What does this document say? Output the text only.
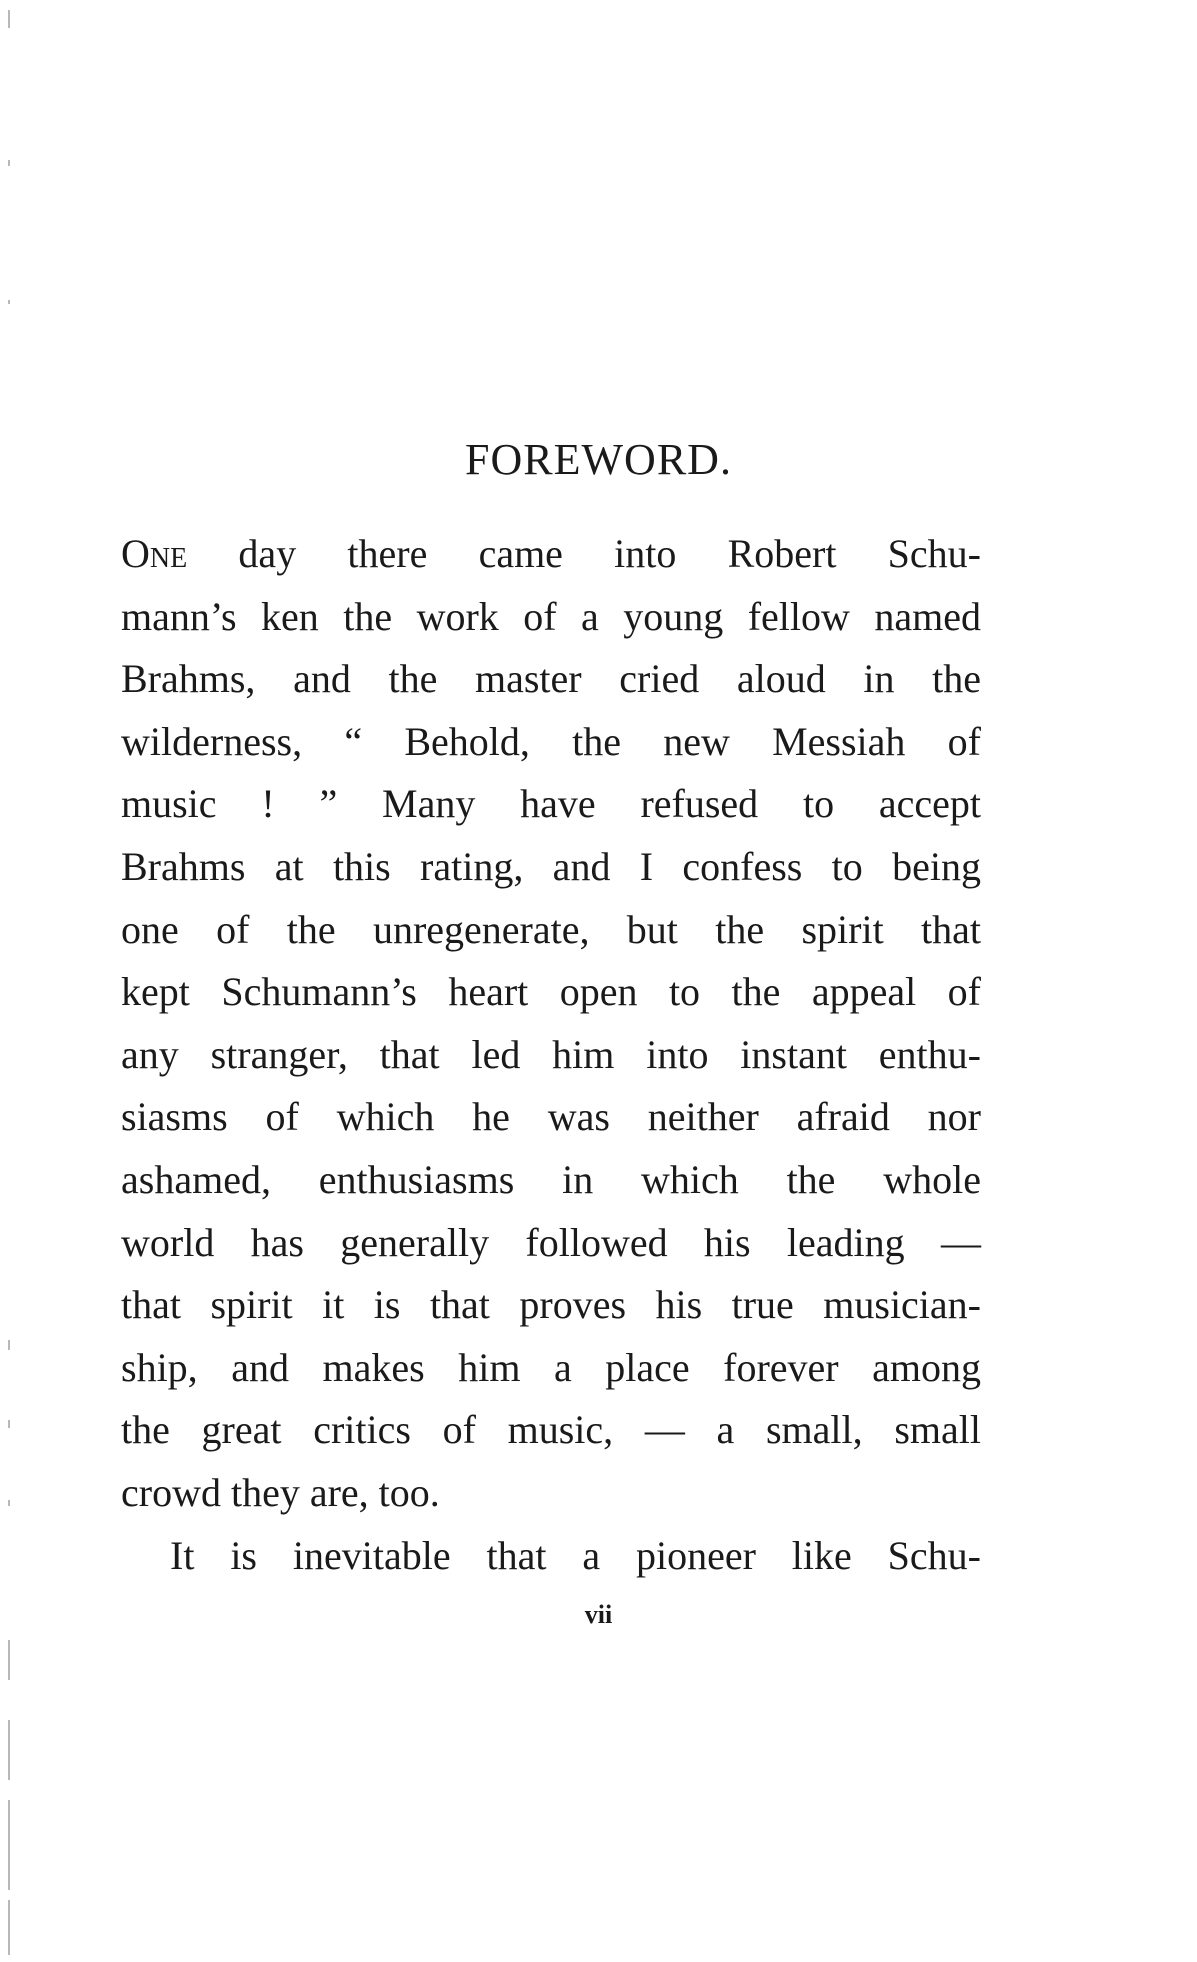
FOREWORD.
One day there came into Robert Schu-
mann’s ken the work of a young fellow named
Brahms, and the master cried aloud in the
wilderness, “ Behold, the new Messiah of
music ! ” Many have refused to accept
Brahms at this rating, and I confess to being
one of the unregenerate, but the spirit that
kept Schumann’s heart open to the appeal of
any stranger, that led him into instant enthu-
siasms of which he was neither afraid nor
ashamed, enthusiasms in which the whole
world has generally followed his leading —
that spirit it is that proves his true musician-
ship, and makes him a place forever among
the great critics of music, — a small, small
crowd they are, too.
It is inevitable that a pioneer like Schu-
vii
